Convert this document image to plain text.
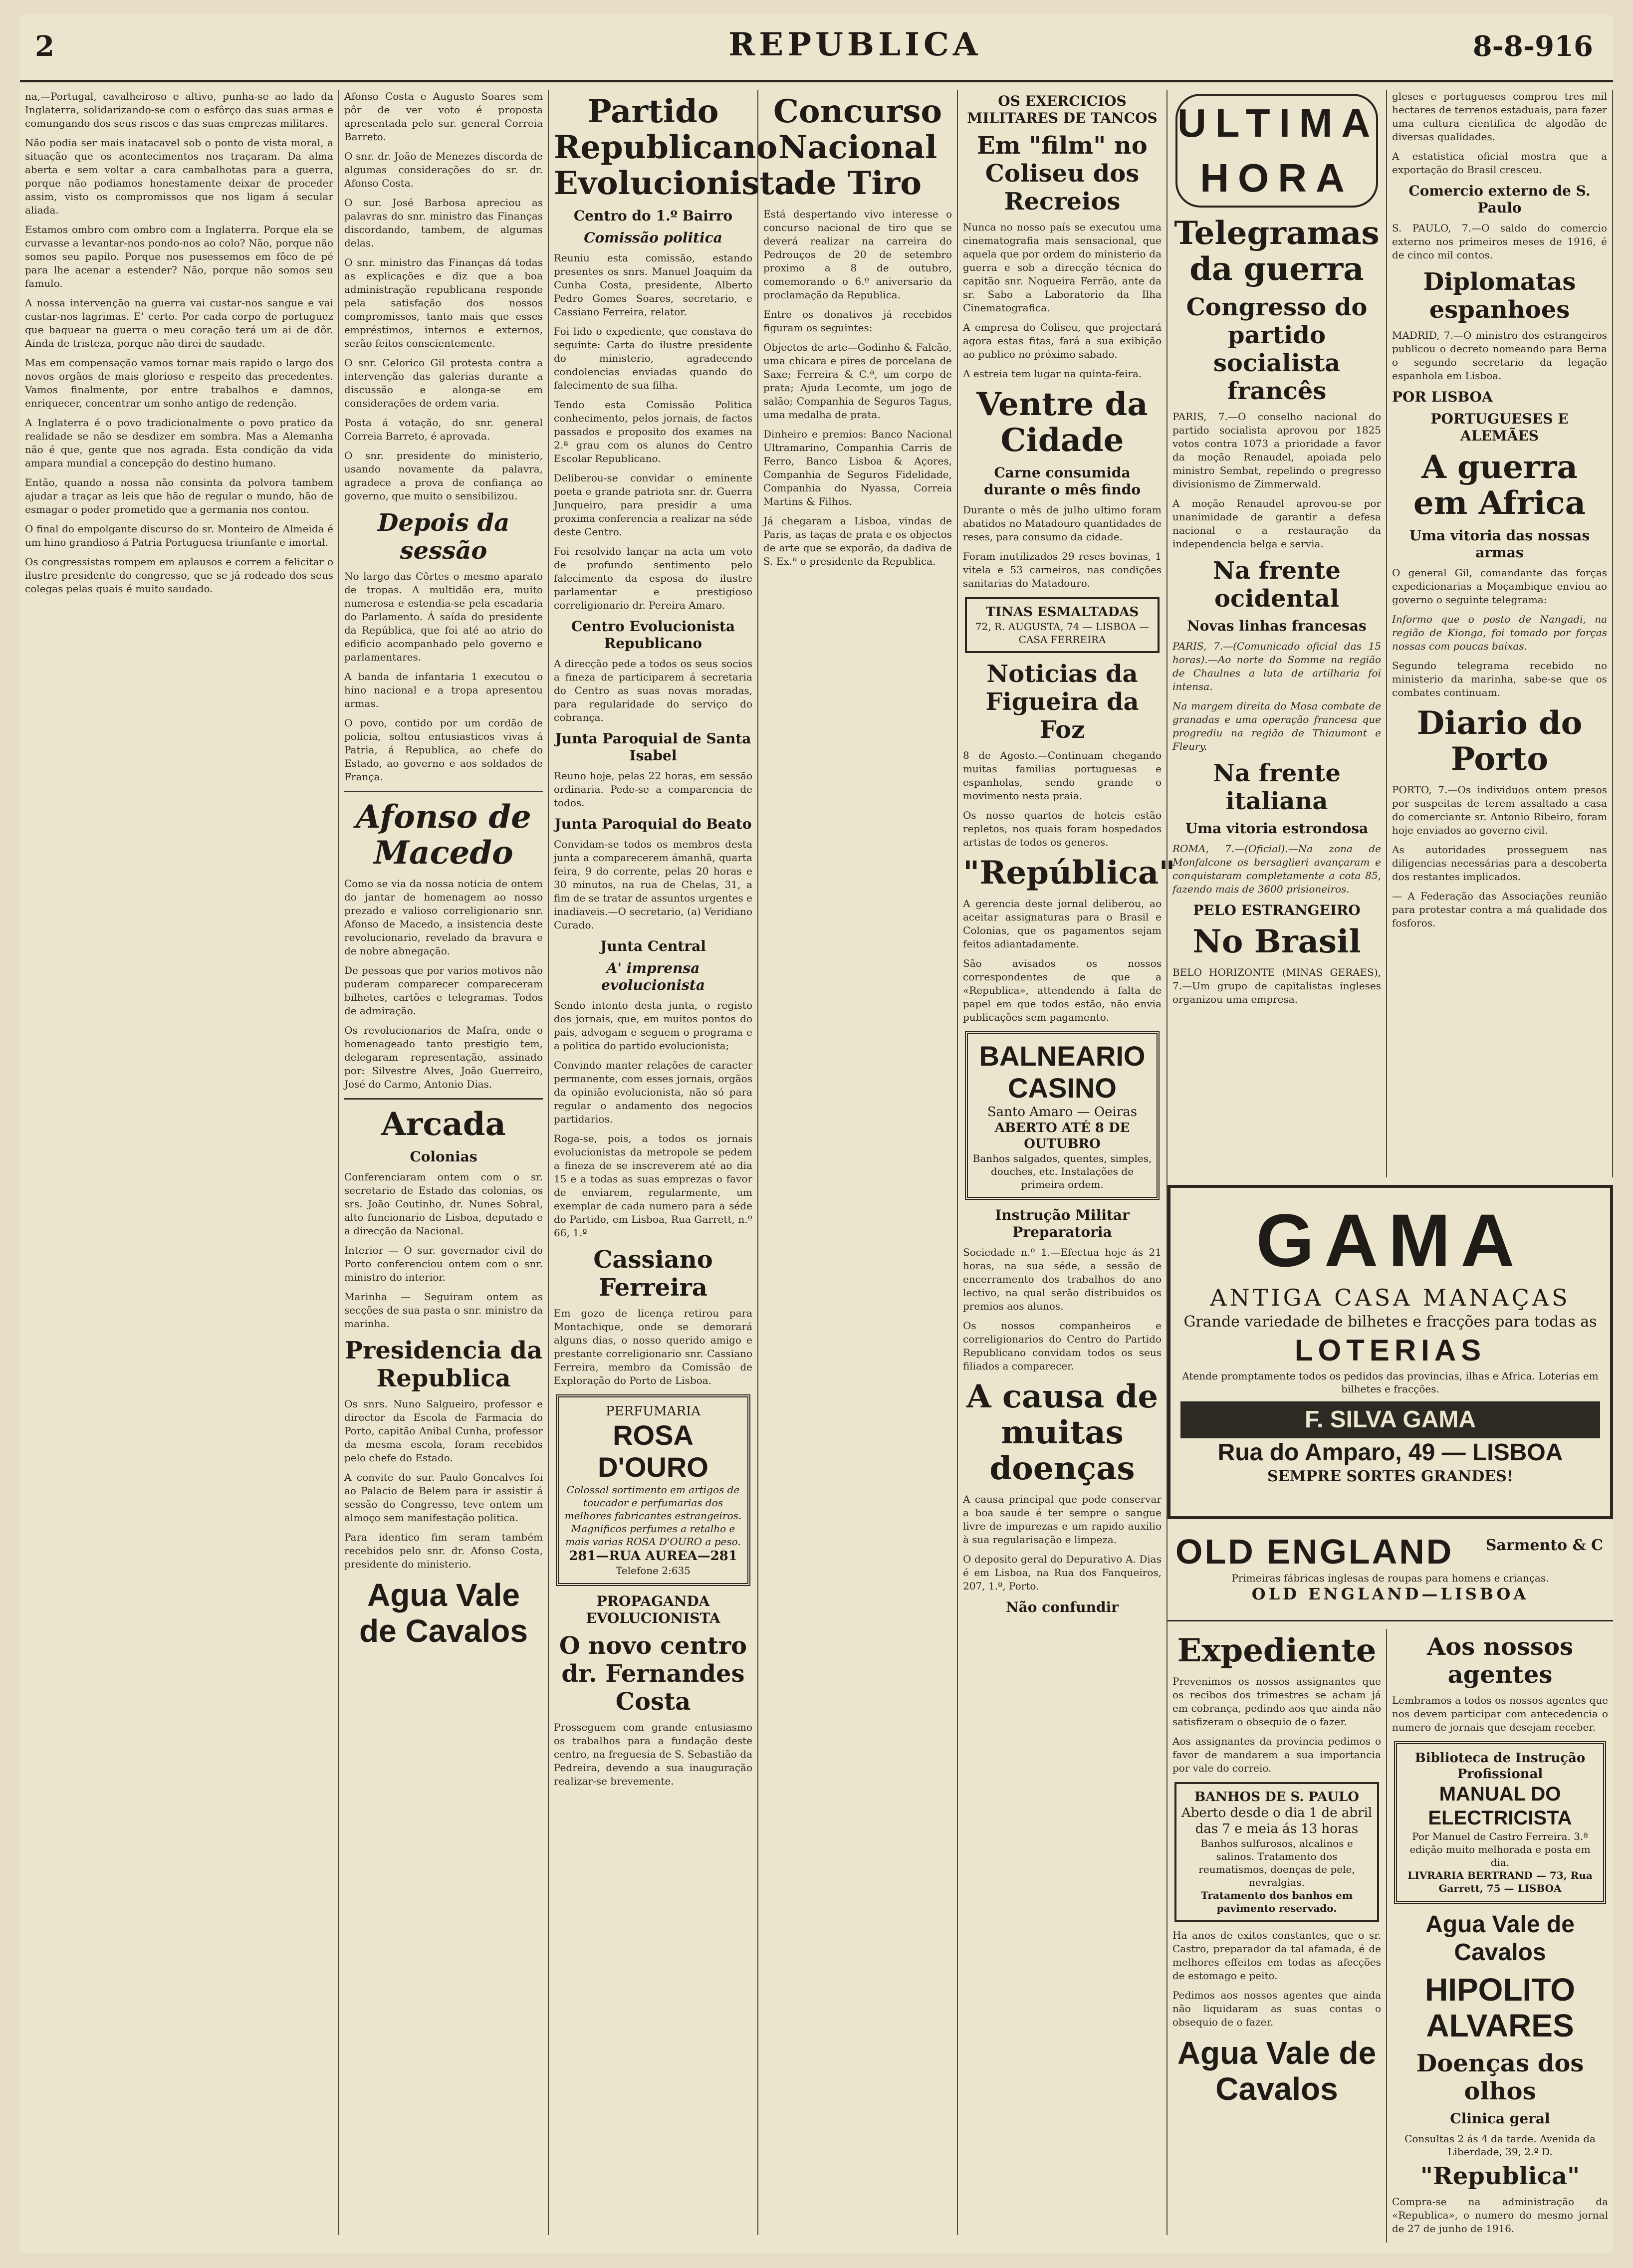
2	REPUBLICA	8-8-916

na,—Portugal, cavalheiroso e altivo, punha-se ao lado da Inglaterra, solidarizando-se com o esfôrço das suas armas e comungando dos seus riscos e das suas emprezas militares.

Não podia ser mais inatacavel sob o ponto de vista moral, a situação que os acontecimentos nos traçaram. Da alma aberta e sem voltar a cara cambalhotas para a guerra, porque não podiamos honestamente deixar de proceder assim, visto os compromissos que nos ligam á secular aliada.

Estamos ombro com ombro com a Inglaterra. Porque ela se curvasse a levantar-nos pondo-nos ao colo? Não, porque não somos seu papilo. Porque nos pusessemos em fôco de pé para lhe acenar a estender? Não, porque não somos seu famulo.

A nossa intervenção na guerra vai custar-nos sangue e vai custar-nos lagrimas. E' certo. Por cada corpo de portuguez que baquear na guerra o meu coração terá um ai de dôr. Ainda de tristeza, porque não direi de saudade.

Mas em compensação vamos tornar mais rapido o largo dos novos orgãos de mais glorioso e respeito das precedentes. Vamos finalmente, por entre trabalhos e damnos, enriquecer, concentrar um sonho antigo de redenção.

A Inglaterra é o povo tradicionalmente o povo pratico da realidade se não se desdizer em sombra. Mas a Alemanha não é que, gente que nos agrada. Esta condição da vida ampara mundial a concepção do destino humano.

Então, quando a nossa não consinta da polvora tambem ajudar a traçar as leis que hão de regular o mundo, hão de esmagar o poder prometido que a germania nos contou.

O final do empolgante discurso do sr. Monteiro de Almeida é um hino grandioso á Patria Portuguesa triunfante e imortal.

Os congressistas rompem em aplausos e correm a felicitar o ilustre presidente do congresso, que se já rodeado dos seus colegas pelas quais é muito saudado.

Afonso Costa e Augusto Soares sem pôr de ver voto é proposta apresentada pelo sur. general Correia Barreto.

O snr. dr. João de Menezes discorda de algumas considerações do sr. dr. Afonso Costa.

O sur. José Barbosa apreciou as palavras do snr. ministro das Finanças discordando, tambem, de algumas delas.

O snr. ministro das Finanças dá todas as explicações e diz que a boa administração republicana responde pela satisfação dos nossos compromissos, tanto mais que esses empréstimos, internos e externos, serão feitos conscientemente.

O snr. Celorico Gil protesta contra a intervenção das galerias durante a discussão e alonga-se em considerações de ordem varia.

Posta á votação, do snr. general Correia Barreto, é aprovada.

O snr. presidente do ministerio, usando novamente da palavra, agradece a prova de confiança ao governo, que muito o sensibilizou.

Depois da sessão

No largo das Côrtes o mesmo aparato de tropas. A multidão era, muito numerosa e estendia-se pela escadaria do Parlamento. Á saída do presidente da República, que foi até ao atrio do edificio acompanhado pelo governo e parlamentares.

A banda de infantaria 1 executou o hino nacional e a tropa apresentou armas.

O povo, contido por um cordão de policia, soltou entusiasticos vivas á Patria, á Republica, ao chefe do Estado, ao governo e aos soldados de França.

Afonso de Macedo

Como se via da nossa noticia de ontem do jantar de homenagem ao nosso prezado e valioso correligionario snr. Afonso de Macedo, a insistencia deste revolucionario, revelado da bravura e de nobre abnegação.

De pessoas que por varios motivos não puderam comparecer compareceram bilhetes, cartões e telegramas. Todos de admiração.

Os revolucionarios de Mafra, onde o homenageado tanto prestigio tem, delegaram representação, assinado por: Silvestre Alves, João Guerreiro, José do Carmo, Antonio Dias.

Arcada
Colonias

Conferenciaram ontem com o sr. secretario de Estado das colonias, os srs. João Coutinho, dr. Nunes Sobral, alto funcionario de Lisboa, deputado e a direcção da Nacional.

Interior — O sur. governador civil do Porto conferenciou ontem com o snr. ministro do interior.

Marinha — Seguiram ontem as secções de sua pasta o snr. ministro da marinha.

Presidencia da Republica

Os snrs. Nuno Salgueiro, professor e director da Escola de Farmacia do Porto, capitão Anibal Cunha, professor da mesma escola, foram recebidos pelo chefe do Estado.

A convite do sur. Paulo Goncalves foi ao Palacio de Belem para ir assistir á sessão do Congresso, teve ontem um almoço sem manifestação politica.

Para identico fim seram também recebidos pelo snr. dr. Afonso Costa, presidente do ministerio.

Agua Vale de Cavalos
Partido Republicano Evolucionista
Centro do 1.º Bairro
Comissão politica

Reuniu esta comissão, estando presentes os snrs. Manuel Joaquim da Cunha Costa, presidente, Alberto Pedro Gomes Soares, secretario, e Cassiano Ferreira, relator.

Foi lido o expediente, que constava do seguinte: Carta do ilustre presidente do ministerio, agradecendo condolencias enviadas quando do falecimento de sua filha.

Tendo esta Comissão Politica conhecimento, pelos jornais, de factos passados e proposito dos exames na 2.ª grau com os alunos do Centro Escolar Republicano.

Deliberou-se convidar o eminente poeta e grande patriota snr. dr. Guerra Junqueiro, para presidir a uma proxima conferencia a realizar na séde deste Centro.

Foi resolvido lançar na acta um voto de profundo sentimento pelo falecimento da esposa do ilustre parlamentar e prestigioso correligionario dr. Pereira Amaro.

Centro Evolucionista Republicano

A direcção pede a todos os seus socios a fineza de participarem á secretaria do Centro as suas novas moradas, para regularidade do serviço do cobrança.

Junta Paroquial de Santa Isabel

Reuno hoje, pelas 22 horas, em sessão ordinaria. Pede-se a comparencia de todos.

Junta Paroquial do Beato

Convidam-se todos os membros desta junta a comparecerem ámanhã, quarta feira, 9 do corrente, pelas 20 horas e 30 minutos, na rua de Chelas, 31, a fim de se tratar de assuntos urgentes e inadiaveis.—O secretario, (a) Veridiano Curado.

Junta Central
A' imprensa evolucionista

Sendo intento desta junta, o registo dos jornais, que, em muitos pontos do pais, advogam e seguem o programa e a politica do partido evolucionista;

Convindo manter relações de caracter permanente, com esses jornais, orgãos da opinião evolucionista, não só para regular o andamento dos negocios partidarios.

Roga-se, pois, a todos os jornais evolucionistas da metropole se pedem a fineza de se inscreverem até ao dia 15 e a todas as suas emprezas o favor de enviarem, regularmente, um exemplar de cada numero para a séde do Partido, em Lisboa, Rua Garrett, n.º 66, 1.º

Cassiano Ferreira

Em gozo de licença retirou para Montachique, onde se demorará alguns dias, o nosso querido amigo e prestante correligionario snr. Cassiano Ferreira, membro da Comissão de Exploração do Porto de Lisboa.

PERFUMARIA
ROSA D'OURO
Colossal sortimento em artigos de toucador e perfumarias dos melhores fabricantes estrangeiros. Magnificos perfumes a retalho e mais varias ROSA D'OURO a peso.
281—RUA AUREA—281
Telefone 2:635
PROPAGANDA EVOLUCIONISTA
O novo centro dr. Fernandes Costa

Prosseguem com grande entusiasmo os trabalhos para a fundação deste centro, na freguesia de S. Sebastião da Pedreira, devendo a sua inauguração realizar-se brevemente.

Concurso Nacional de Tiro

Está despertando vivo interesse o concurso nacional de tiro que se deverá realizar na carreira do Pedrouços de 20 de setembro proximo a 8 de outubro, comemorando o 6.º aniversario da proclamação da Republica.

Entre os donativos já recebidos figuram os seguintes:

Objectos de arte—Godinho & Falcão, uma chicara e pires de porcelana de Saxe; Ferreira & C.ª, um corpo de prata; Ajuda Lecomte, um jogo de salão; Companhia de Seguros Tagus, uma medalha de prata.

Dinheiro e premios: Banco Nacional Ultramarino, Companhia Carris de Ferro, Banco Lisboa & Açores, Companhia de Seguros Fidelidade, Companhia do Nyassa, Correia Martins & Filhos.

Já chegaram a Lisboa, vindas de Paris, as taças de prata e os objectos de arte que se exporão, da dadiva de S. Ex.ª o presidente da Republica.

OS EXERCICIOS MILITARES DE TANCOS
Em "film" no Coliseu dos Recreios

Nunca no nosso país se executou uma cinematografia mais sensacional, que aquela que por ordem do ministerio da guerra e sob a direcção técnica do capitão snr. Nogueira Ferrão, ante da sr. Sabo a Laboratorio da Ilha Cinematografica.

A empresa do Coliseu, que projectará agora estas fitas, fará a sua exibição ao publico no próximo sabado.

A estreia tem lugar na quinta-feira.

Ventre da Cidade
Carne consumida durante o mês findo

Durante o mês de julho ultimo foram abatidos no Matadouro quantidades de reses, para consumo da cidade.

Foram inutilizados 29 reses bovinas, 1 vitela e 53 carneiros, nas condições sanitarias do Matadouro.

TINAS ESMALTADAS
72, R. AUGUSTA, 74 — LISBOA — CASA FERREIRA
Noticias da Figueira da Foz

8 de Agosto.—Continuam chegando muitas familias portuguesas e espanholas, sendo grande o movimento nesta praia.

Os nosso quartos de hoteis estão repletos, nos quais foram hospedados artistas de todos os generos.

"República"

A gerencia deste jornal deliberou, ao aceitar assignaturas para o Brasil e Colonias, que os pagamentos sejam feitos adiantadamente.

São avisados os nossos correspondentes de que a «Republica», attendendo á falta de papel em que todos estão, não envia publicações sem pagamento.

BALNEARIO CASINO
Santo Amaro — Oeiras
ABERTO ATÉ 8 DE OUTUBRO
Banhos salgados, quentes, simples, douches, etc. Instalações de primeira ordem.
Instrução Militar Preparatoria

Sociedade n.º 1.—Efectua hoje ás 21 horas, na sua séde, a sessão de encerramento dos trabalhos do ano lectivo, na qual serão distribuidos os premios aos alunos.

Os nossos companheiros e correligionarios do Centro do Partido Republicano convidam todos os seus filiados a comparecer.

A causa de muitas doenças

A causa principal que pode conservar a boa saude é ter sempre o sangue livre de impurezas e um rapido auxilio à sua regularisação e limpeza.

O deposito geral do Depurativo A. Dias é em Lisboa, na Rua dos Fanqueiros, 207, 1.º, Porto.

Não confundir
ULTIMA HORA
Telegramas da guerra
Congresso do partido socialista francês

PARIS, 7.—O conselho nacional do partido socialista aprovou por 1825 votos contra 1073 a prioridade a favor da moção Renaudel, apoiada pelo ministro Sembat, repelindo o pregresso divisionismo de Zimmerwald.

A moção Renaudel aprovou-se por unanimidade de garantir a defesa nacional e a restauração da independencia belga e servia.

Na frente ocidental
Novas linhas francesas

PARIS, 7.—(Comunicado oficial das 15 horas).—Ao norte do Somme na região de Chaulnes a luta de artilharia foi intensa.

Na margem direita do Mosa combate de granadas e uma operação francesa que progrediu na região de Thiaumont e Fleury.

Na frente italiana
Uma vitoria estrondosa

ROMA, 7.—(Oficial).—Na zona de Monfalcone os bersaglieri avançaram e conquistaram completamente a cota 85, fazendo mais de 3600 prisioneiros.

PELO ESTRANGEIRO
No Brasil

BELO HORIZONTE (MINAS GERAES), 7.—Um grupo de capitalistas ingleses organizou uma empresa.

gleses e portugueses comprou tres mil hectares de terrenos estaduais, para fazer uma cultura cientifica de algodão de diversas qualidades.

A estatistica oficial mostra que a exportação do Brasil cresceu.

Comercio externo de S. Paulo

S. PAULO, 7.—O saldo do comercio externo nos primeiros meses de 1916, é de cinco mil contos.

Diplomatas espanhoes

MADRID, 7.—O ministro dos estrangeiros publicou o decreto nomeando para Berna o segundo secretario da legação espanhola em Lisboa.

POR LISBOA
PORTUGUESES E ALEMÃES
A guerra em Africa
Uma vitoria das nossas armas

O general Gil, comandante das forças expedicionarias a Moçambique enviou ao governo o seguinte telegrama:

Informo que o posto de Nangadi, na região de Kionga, foi tomado por forças nossas com poucas baixas.

Segundo telegrama recebido no ministerio da marinha, sabe-se que os combates continuam.

Diario do Porto

PORTO, 7.—Os individuos ontem presos por suspeitas de terem assaltado a casa do comerciante sr. Antonio Ribeiro, foram hoje enviados ao governo civil.

As autoridades prosseguem nas diligencias necessárias para a descoberta dos restantes implicados.

— A Federação das Associações reunião para protestar contra a má qualidade dos fosforos.

GAMA
ANTIGA CASA MANAÇAS
Grande variedade de bilhetes e fracções para todas as
LOTERIAS
Atende promptamente todos os pedidos das provincias, ilhas e Africa. Loterias em bilhetes e fracções.
F. SILVA GAMA
Rua do Amparo, 49 — LISBOA
SEMPRE SORTES GRANDES!
OLD ENGLAND	Sarmento & C
Primeiras fábricas inglesas de roupas para homens e crianças.
OLD ENGLAND—LISBOA
Expediente

Prevenimos os nossos assignantes que os recibos dos trimestres se acham já em cobrança, pedindo aos que ainda não satisfizeram o obsequio de o fazer.

Aos assignantes da provincia pedimos o favor de mandarem a sua importancia por vale do correio.

BANHOS DE S. PAULO
Aberto desde o dia 1 de abril das 7 e meia ás 13 horas
Banhos sulfurosos, alcalinos e salinos. Tratamento dos reumatismos, doenças de pele, nevralgias.
Tratamento dos banhos em pavimento reservado.

Ha anos de exitos constantes, que o sr. Castro, preparador da tal afamada, é de melhores effeitos em todas as afecções de estomago e peito.

Pedimos aos nossos agentes que ainda não liquidaram as suas contas o obsequio de o fazer.

Agua Vale de Cavalos
Aos nossos agentes

Lembramos a todos os nossos agentes que nos devem participar com antecedencia o numero de jornais que desejam receber.

Biblioteca de Instrução Profissional
MANUAL DO ELECTRICISTA
Por Manuel de Castro Ferreira. 3.ª edição muito melhorada e posta em dia.
LIVRARIA BERTRAND — 73, Rua Garrett, 75 — LISBOA
Agua Vale de Cavalos
HIPOLITO ALVARES
Doenças dos olhos
Clinica geral
Consultas 2 ás 4 da tarde. Avenida da Liberdade, 39, 2.º D.
"Republica"

Compra-se na administração da «Republica», o numero do mesmo jornal de 27 de junho de 1916.
